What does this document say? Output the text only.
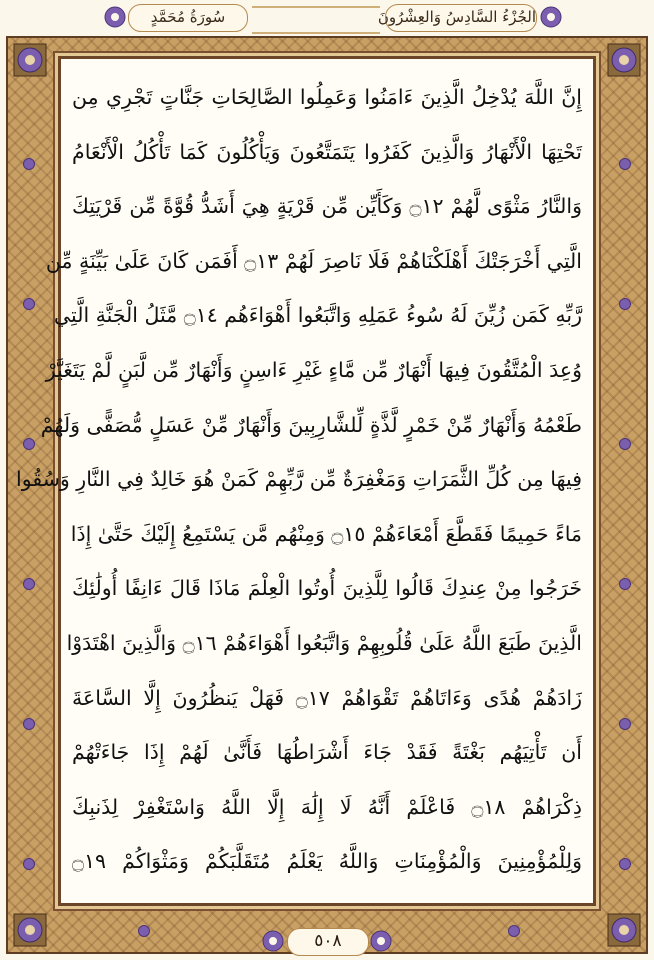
سُورَةُ مُحَمَّدٍ	الجُزْءُ السَّادِسُ وَالعِشْرُونَ
إِنَّ اللَّهَ يُدْخِلُ الَّذِينَ ءَامَنُوا وَعَمِلُوا الصَّالِحَاتِ جَنَّاتٍ تَجْرِي مِن
تَحْتِهَا الْأَنْهَارُ وَالَّذِينَ كَفَرُوا يَتَمَتَّعُونَ وَيَأْكُلُونَ كَمَا تَأْكُلُ الْأَنْعَامُ
وَالنَّارُ مَثْوًى لَّهُمْ ۝١٢ وَكَأَيِّن مِّن قَرْيَةٍ هِيَ أَشَدُّ قُوَّةً مِّن قَرْيَتِكَ
الَّتِي أَخْرَجَتْكَ أَهْلَكْنَاهُمْ فَلَا نَاصِرَ لَهُمْ ۝١٣ أَفَمَن كَانَ عَلَىٰ بَيِّنَةٍ مِّن
رَّبِّهِ كَمَن زُيِّنَ لَهُ سُوءُ عَمَلِهِ وَاتَّبَعُوا أَهْوَاءَهُم ۝١٤ مَّثَلُ الْجَنَّةِ الَّتِي
وُعِدَ الْمُتَّقُونَ فِيهَا أَنْهَارٌ مِّن مَّاءٍ غَيْرِ ءَاسِنٍ وَأَنْهَارٌ مِّن لَّبَنٍ لَّمْ يَتَغَيَّرْ
طَعْمُهُ وَأَنْهَارٌ مِّنْ خَمْرٍ لَّذَّةٍ لِّلشَّارِبِينَ وَأَنْهَارٌ مِّنْ عَسَلٍ مُّصَفًّى وَلَهُمْ
فِيهَا مِن كُلِّ الثَّمَرَاتِ وَمَغْفِرَةٌ مِّن رَّبِّهِمْ كَمَنْ هُوَ خَالِدٌ فِي النَّارِ وَسُقُوا
مَاءً حَمِيمًا فَقَطَّعَ أَمْعَاءَهُمْ ۝١٥ وَمِنْهُم مَّن يَسْتَمِعُ إِلَيْكَ حَتَّىٰ إِذَا
خَرَجُوا مِنْ عِندِكَ قَالُوا لِلَّذِينَ أُوتُوا الْعِلْمَ مَاذَا قَالَ ءَانِفًا أُولَٰئِكَ
الَّذِينَ طَبَعَ اللَّهُ عَلَىٰ قُلُوبِهِمْ وَاتَّبَعُوا أَهْوَاءَهُمْ ۝١٦ وَالَّذِينَ اهْتَدَوْا
زَادَهُمْ هُدًى وَءَاتَاهُمْ تَقْوَاهُمْ ۝١٧ فَهَلْ يَنظُرُونَ إِلَّا السَّاعَةَ
أَن تَأْتِيَهُم بَغْتَةً فَقَدْ جَاءَ أَشْرَاطُهَا فَأَنَّىٰ لَهُمْ إِذَا جَاءَتْهُمْ
ذِكْرَاهُمْ ۝١٨ فَاعْلَمْ أَنَّهُ لَا إِلَٰهَ إِلَّا اللَّهُ وَاسْتَغْفِرْ لِذَنبِكَ
وَلِلْمُؤْمِنِينَ وَالْمُؤْمِنَاتِ وَاللَّهُ يَعْلَمُ مُتَقَلَّبَكُمْ وَمَثْوَاكُمْ ۝١٩
٥٠٨
